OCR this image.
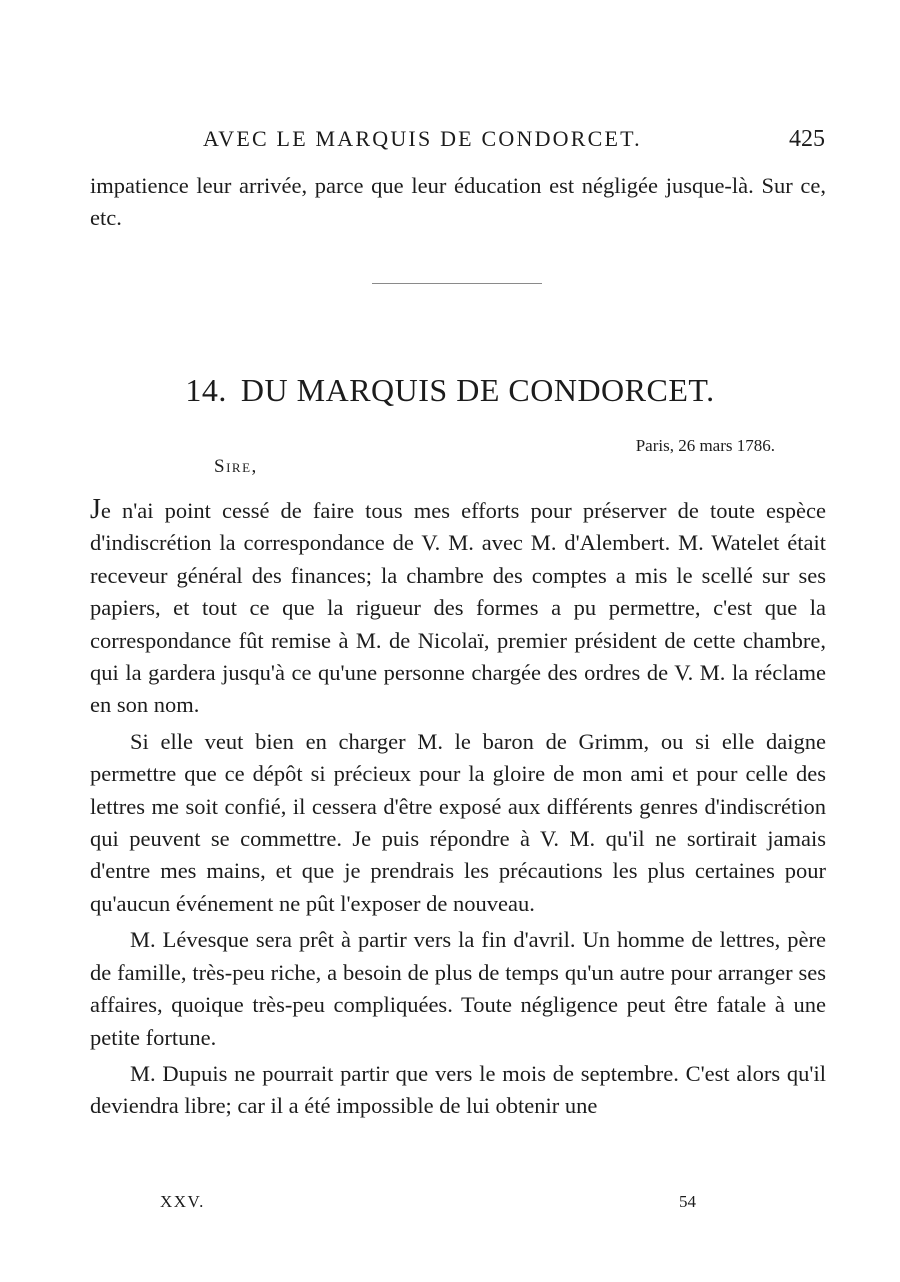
AVEC LE MARQUIS DE CONDORCET.	425
impatience leur arrivée, parce que leur éducation est négligée jusque-là. Sur ce, etc.
14. DU MARQUIS DE CONDORCET.
Paris, 26 mars 1786.
Sire,

Je n'ai point cessé de faire tous mes efforts pour préserver de toute espèce d'indiscrétion la correspondance de V. M. avec M. d'Alembert. M. Watelet était receveur général des finances; la chambre des comptes a mis le scellé sur ses papiers, et tout ce que la rigueur des formes a pu permettre, c'est que la correspondance fût remise à M. de Nicolaï, premier président de cette chambre, qui la gardera jusqu'à ce qu'une personne chargée des ordres de V. M. la réclame en son nom.

Si elle veut bien en charger M. le baron de Grimm, ou si elle daigne permettre que ce dépôt si précieux pour la gloire de mon ami et pour celle des lettres me soit confié, il cessera d'être exposé aux différents genres d'indiscrétion qui peuvent se commettre. Je puis répondre à V. M. qu'il ne sortirait jamais d'entre mes mains, et que je prendrais les précautions les plus certaines pour qu'aucun événement ne pût l'exposer de nouveau.

M. Lévesque sera prêt à partir vers la fin d'avril. Un homme de lettres, père de famille, très-peu riche, a besoin de plus de temps qu'un autre pour arranger ses affaires, quoique très-peu compliquées. Toute négligence peut être fatale à une petite fortune.

M. Dupuis ne pourrait partir que vers le mois de septembre. C'est alors qu'il deviendra libre; car il a été impossible de lui obtenir une

XXV.	54
